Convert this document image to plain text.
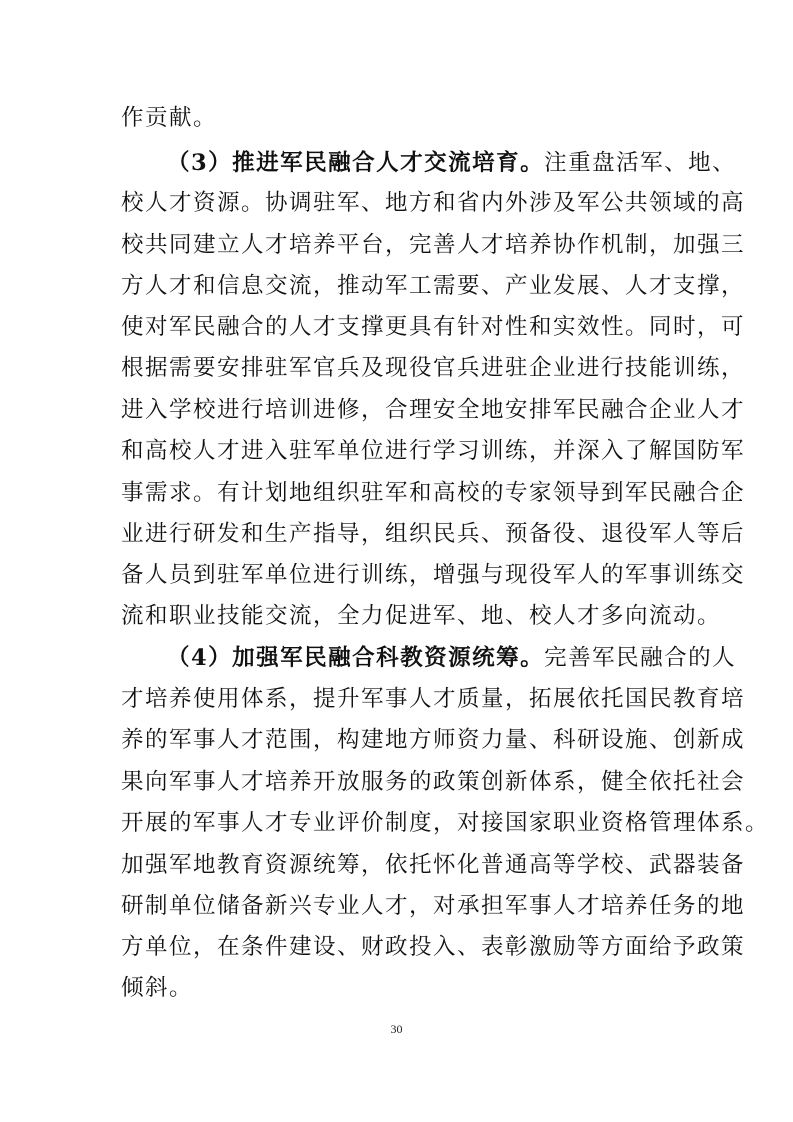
作贡献。
（3）推进军民融合人才交流培育。注重盘活军、地、
校人才资源。协调驻军、地方和省内外涉及军公共领域的高
校共同建立人才培养平台，完善人才培养协作机制，加强三
方人才和信息交流，推动军工需要、产业发展、人才支撑，
使对军民融合的人才支撑更具有针对性和实效性。同时，可
根据需要安排驻军官兵及现役官兵进驻企业进行技能训练，
进入学校进行培训进修，合理安全地安排军民融合企业人才
和高校人才进入驻军单位进行学习训练，并深入了解国防军
事需求。有计划地组织驻军和高校的专家领导到军民融合企
业进行研发和生产指导，组织民兵、预备役、退役军人等后
备人员到驻军单位进行训练，增强与现役军人的军事训练交
流和职业技能交流，全力促进军、地、校人才多向流动。
（4）加强军民融合科教资源统筹。完善军民融合的人
才培养使用体系，提升军事人才质量，拓展依托国民教育培
养的军事人才范围，构建地方师资力量、科研设施、创新成
果向军事人才培养开放服务的政策创新体系，健全依托社会
开展的军事人才专业评价制度，对接国家职业资格管理体系。
加强军地教育资源统筹，依托怀化普通高等学校、武器装备
研制单位储备新兴专业人才，对承担军事人才培养任务的地
方单位，在条件建设、财政投入、表彰激励等方面给予政策
倾斜。
30
